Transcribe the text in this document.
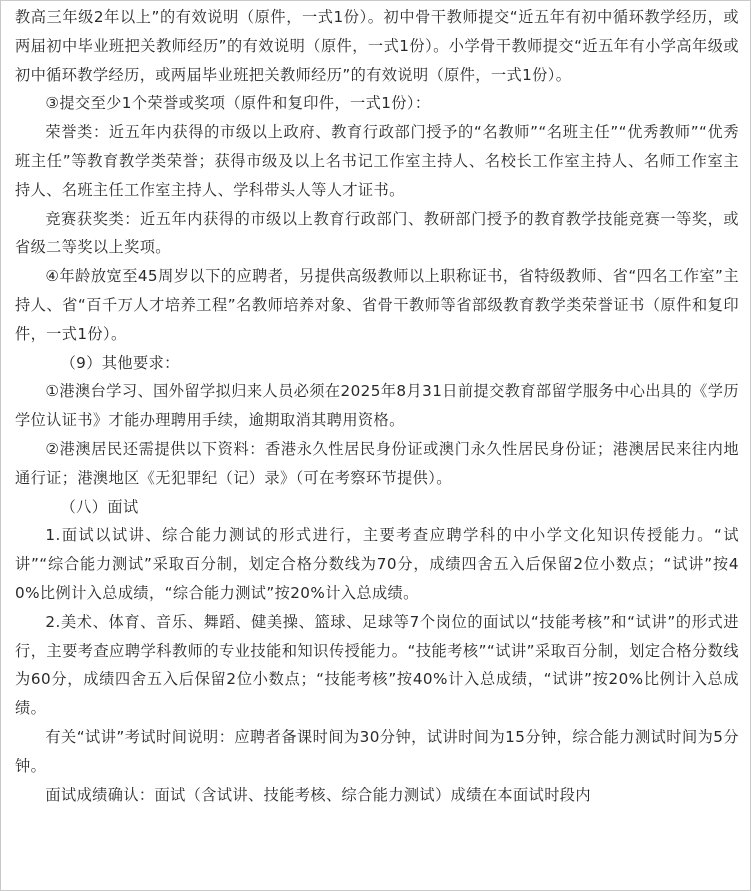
教高三年级2年以上”的有效说明（原件，一式1份）。初中骨干教师提交“近五年有初中循环教学经历，或两届初中毕业班把关教师经历”的有效说明（原件，一式1份）。小学骨干教师提交“近五年有小学高年级或初中循环教学经历，或两届毕业班把关教师经历”的有效说明（原件，一式1份）。

③提交至少1个荣誉或奖项（原件和复印件，一式1份）：

荣誉类：近五年内获得的市级以上政府、教育行政部门授予的“名教师”“名班主任”“优秀教师”“优秀班主任”等教育教学类荣誉；获得市级及以上名书记工作室主持人、名校长工作室主持人、名师工作室主持人、名班主任工作室主持人、学科带头人等人才证书。

竞赛获奖类：近五年内获得的市级以上教育行政部门、教研部门授予的教育教学技能竞赛一等奖，或省级二等奖以上奖项。

④年龄放宽至45周岁以下的应聘者，另提供高级教师以上职称证书，省特级教师、省“四名工作室”主持人、省“百千万人才培养工程”名教师培养对象、省骨干教师等省部级教育教学类荣誉证书（原件和复印件，一式1份）。

（9）其他要求：

①港澳台学习、国外留学拟归来人员必须在2025年8月31日前提交教育部留学服务中心出具的《学历学位认证书》才能办理聘用手续，逾期取消其聘用资格。

②港澳居民还需提供以下资料：香港永久性居民身份证或澳门永久性居民身份证；港澳居民来往内地通行证；港澳地区《无犯罪纪（记）录》（可在考察环节提供）。

（八）面试

1.面试以试讲、综合能力测试的形式进行，主要考查应聘学科的中小学文化知识传授能力。“试讲”“综合能力测试”采取百分制，划定合格分数线为70分，成绩四舍五入后保留2位小数点；“试讲”按40%比例计入总成绩，“综合能力测试”按20%计入总成绩。

2.美术、体育、音乐、舞蹈、健美操、篮球、足球等7个岗位的面试以“技能考核”和“试讲”的形式进行，主要考查应聘学科教师的专业技能和知识传授能力。“技能考核”“试讲”采取百分制，划定合格分数线为60分，成绩四舍五入后保留2位小数点；“技能考核”按40%计入总成绩，“试讲”按20%比例计入总成绩。

有关“试讲”考试时间说明：应聘者备课时间为30分钟，试讲时间为15分钟，综合能力测试时间为5分钟。

面试成绩确认：面试（含试讲、技能考核、综合能力测试）成绩在本面试时段内
